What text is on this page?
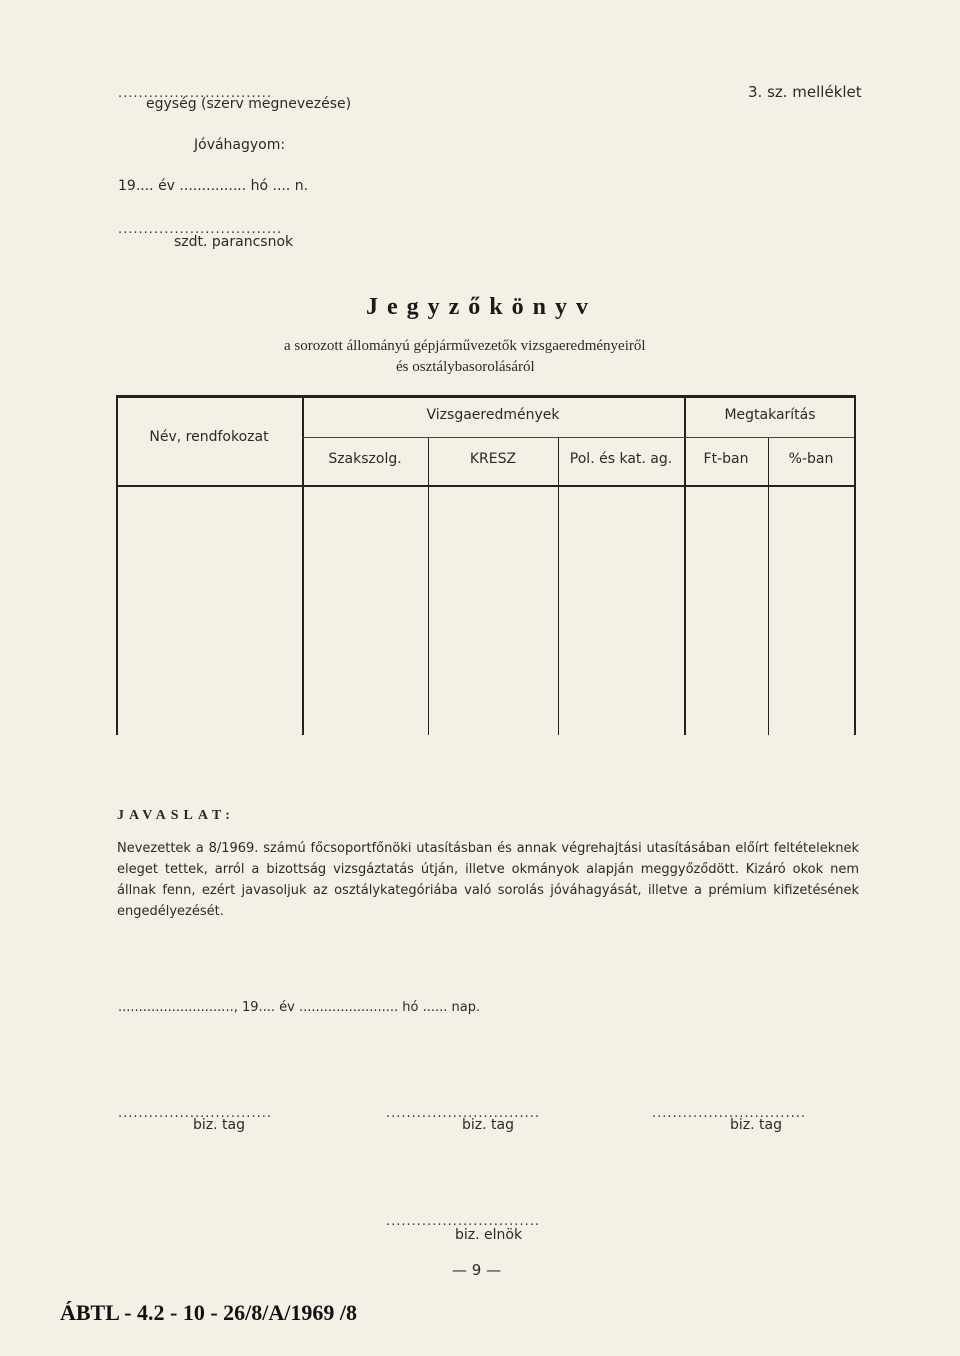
..............................
egység (szerv megnevezése)
3. sz. melléklet
Jóváhagyom:
19.... év ............... hó .... n.
................................
szdt. parancsnok
Jegyzőkönyv
a sorozott állományú gépjárművezetők vizsgaeredményeiről
és osztálybasorolásáról
Név, rendfokozat
Vizsgaeredmények	Megtakarítás
Szakszolg.	KRESZ	Pol. és kat. ag.	Ft-ban	%-ban
JAVASLAT:
Nevezettek a 8/1969. számú főcsoportfőnöki utasításban és annak végrehajtási utasításában előírt feltételeknek eleget tettek, arról a bizottság vizsgáztatás útján, illetve okmányok alapján meggyőződött. Kizáró okok nem állnak fenn, ezért javasoljuk az osztálykategóriába való sorolás jóváhagyását, illetve a prémium kifizetésének engedélyezését.
............................, 19.... év ........................ hó ...... nap.
..............................
biz. tag
..............................
biz. tag
..............................
biz. tag
..............................
biz. elnök
— 9 —
ÁBTL - 4.2 - 10 - 26/8/A/1969 /8
